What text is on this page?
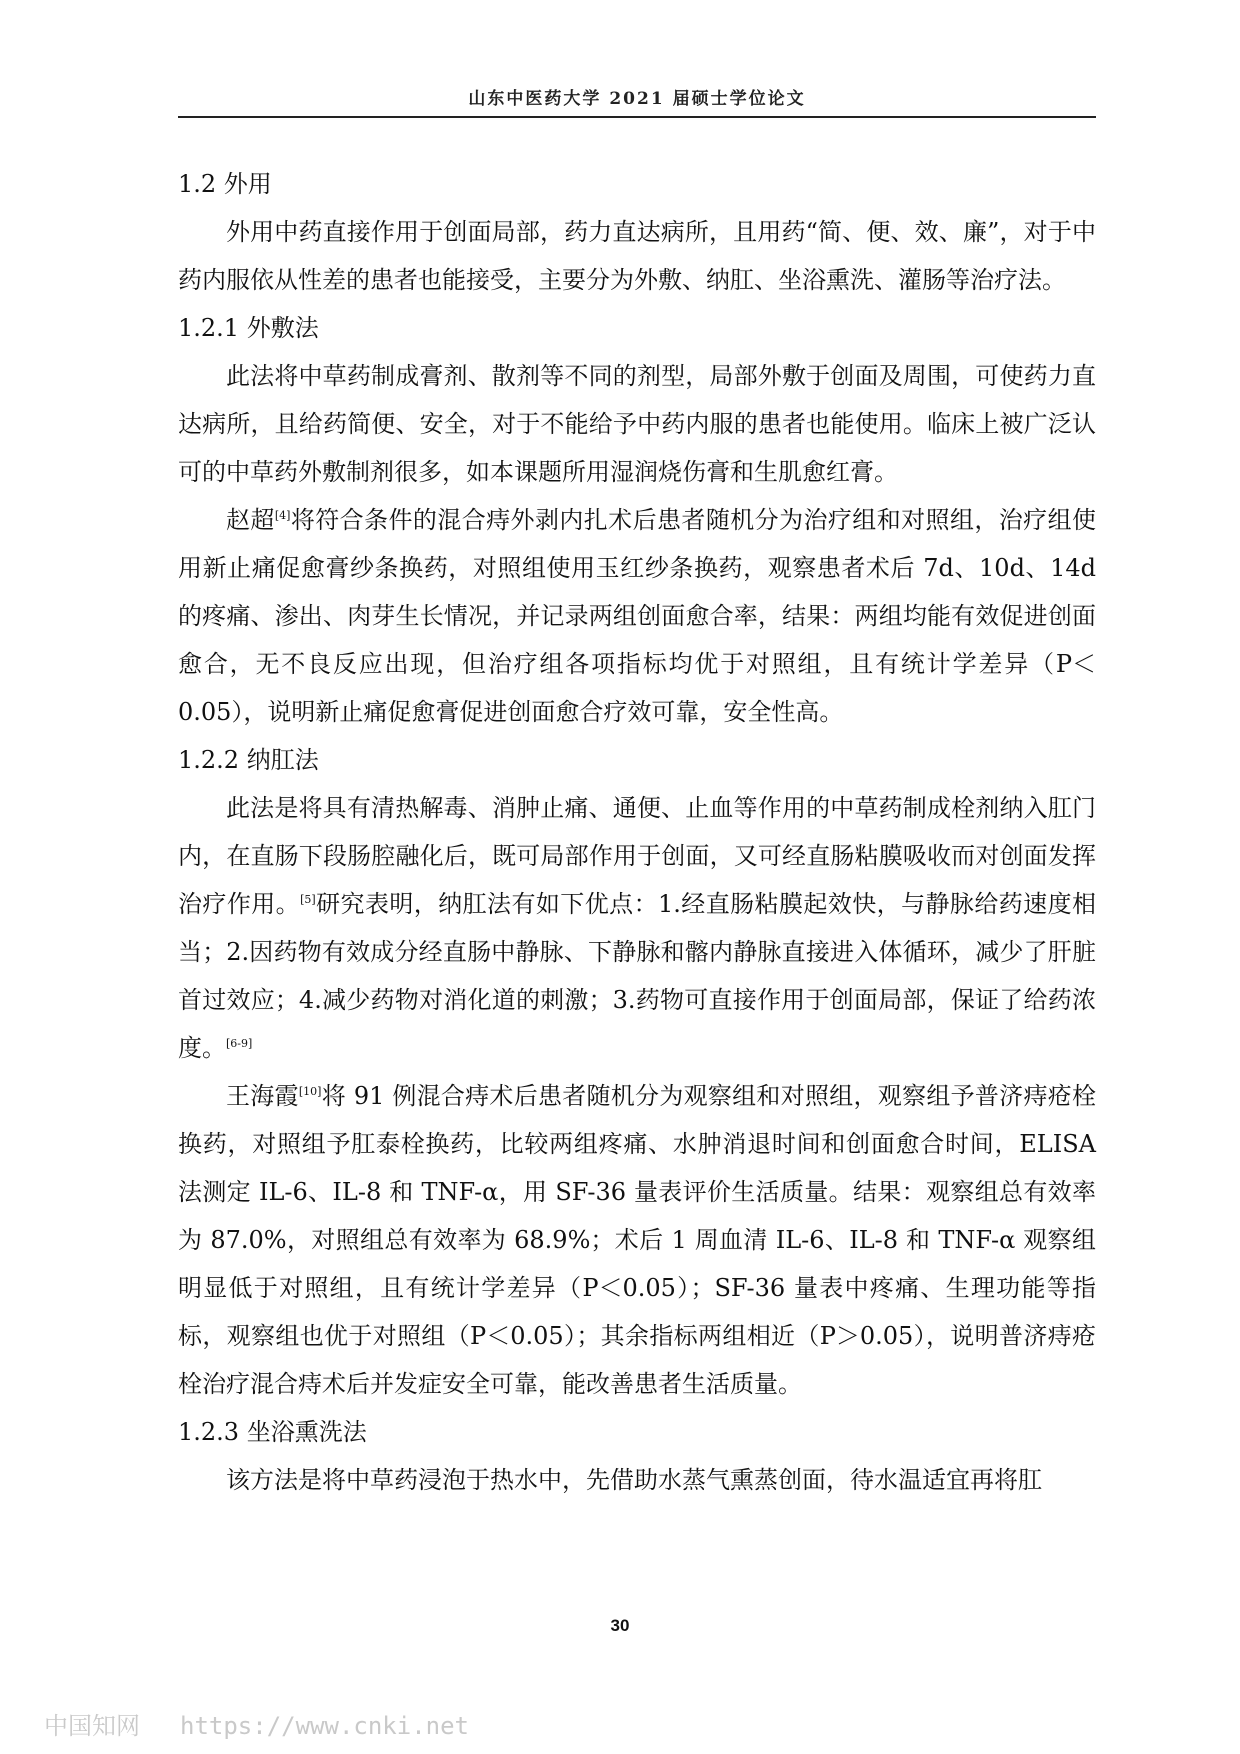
山东中医药大学 2021 届硕士学位论文

1.2 外用

外用中药直接作用于创面局部，药力直达病所，且用药“简、便、效、廉”，对于中药内服依从性差的患者也能接受，主要分为外敷、纳肛、坐浴熏洗、灌肠等治疗法。

1.2.1 外敷法

此法将中草药制成膏剂、散剂等不同的剂型，局部外敷于创面及周围，可使药力直达病所，且给药简便、安全，对于不能给予中药内服的患者也能使用。临床上被广泛认可的中草药外敷制剂很多，如本课题所用湿润烧伤膏和生肌愈红膏。

赵超[4]将符合条件的混合痔外剥内扎术后患者随机分为治疗组和对照组，治疗组使用新止痛促愈膏纱条换药，对照组使用玉红纱条换药，观察患者术后 7d、10d、14d 的疼痛、渗出、肉芽生长情况，并记录两组创面愈合率，结果：两组均能有效促进创面愈合，无不良反应出现，但治疗组各项指标均优于对照组，且有统计学差异（P＜0.05），说明新止痛促愈膏促进创面愈合疗效可靠，安全性高。

1.2.2 纳肛法

此法是将具有清热解毒、消肿止痛、通便、止血等作用的中草药制成栓剂纳入肛门内，在直肠下段肠腔融化后，既可局部作用于创面，又可经直肠粘膜吸收而对创面发挥治疗作用。[5]研究表明，纳肛法有如下优点：1.经直肠粘膜起效快，与静脉给药速度相当；2.因药物有效成分经直肠中静脉、下静脉和髂内静脉直接进入体循环，减少了肝脏首过效应；4.减少药物对消化道的刺激；3.药物可直接作用于创面局部，保证了给药浓度。[6-9]

王海霞[10]将 91 例混合痔术后患者随机分为观察组和对照组，观察组予普济痔疮栓换药，对照组予肛泰栓换药，比较两组疼痛、水肿消退时间和创面愈合时间，ELISA 法测定 IL-6、IL-8 和 TNF-α，用 SF-36 量表评价生活质量。结果：观察组总有效率为 87.0%，对照组总有效率为 68.9%；术后 1 周血清 IL-6、IL-8 和 TNF-α 观察组明显低于对照组，且有统计学差异（P＜0.05）；SF-36 量表中疼痛、生理功能等指标，观察组也优于对照组（P＜0.05）；其余指标两组相近（P＞0.05），说明普济痔疮栓治疗混合痔术后并发症安全可靠，能改善患者生活质量。

1.2.3 坐浴熏洗法

该方法是将中草药浸泡于热水中，先借助水蒸气熏蒸创面，待水温适宜再将肛

30
中国知网 https://www.cnki.net
